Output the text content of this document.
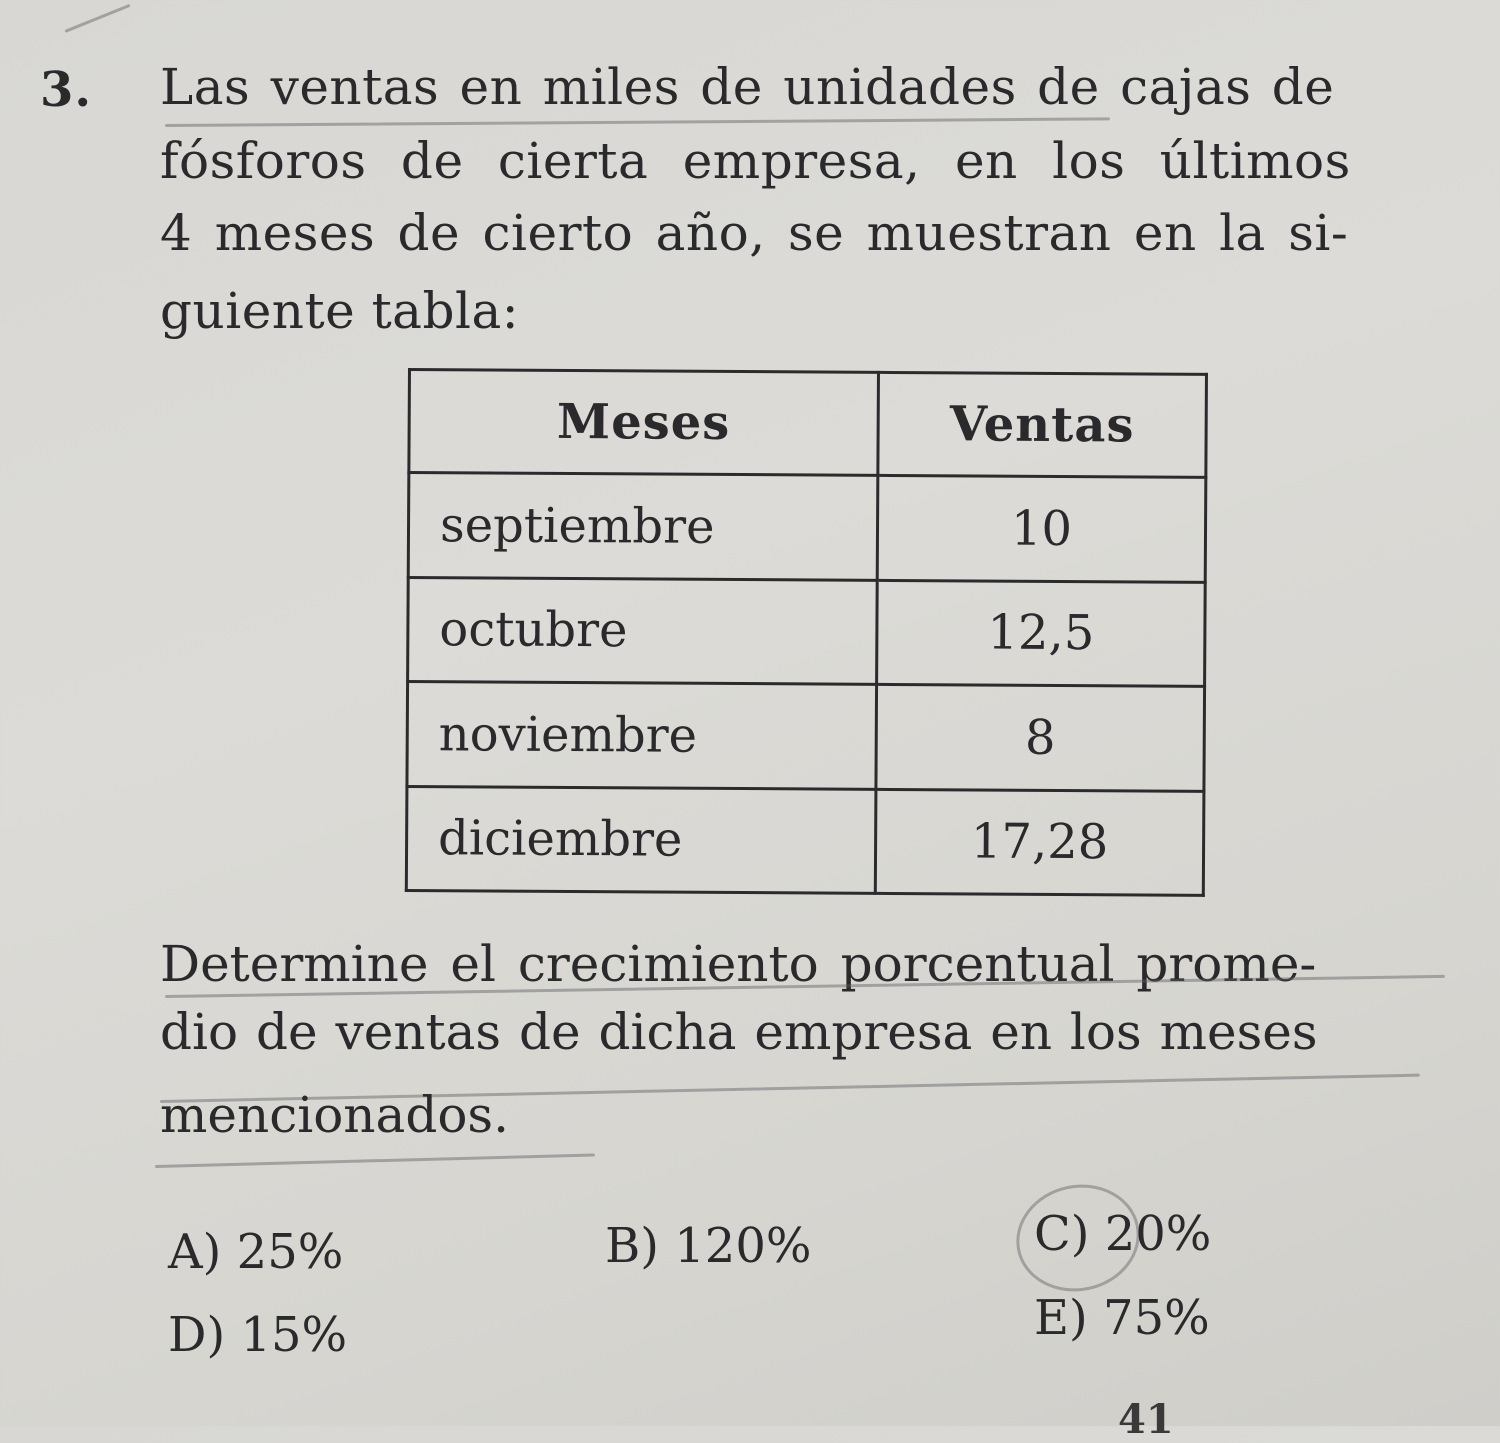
3. Las ventas en miles de unidades de cajas de
fósforos de cierta empresa, en los últimos
4 meses de cierto año, se muestran en la si-
guiente tabla:
Meses	Ventas
septiembre	10
octubre	12,5
noviembre	8
diciembre	17,28
Determine el crecimiento porcentual prome-
dio de ventas de dicha empresa en los meses
mencionados.
A) 25%	B) 120%	C) 20%
D) 15%	E) 75%
41
